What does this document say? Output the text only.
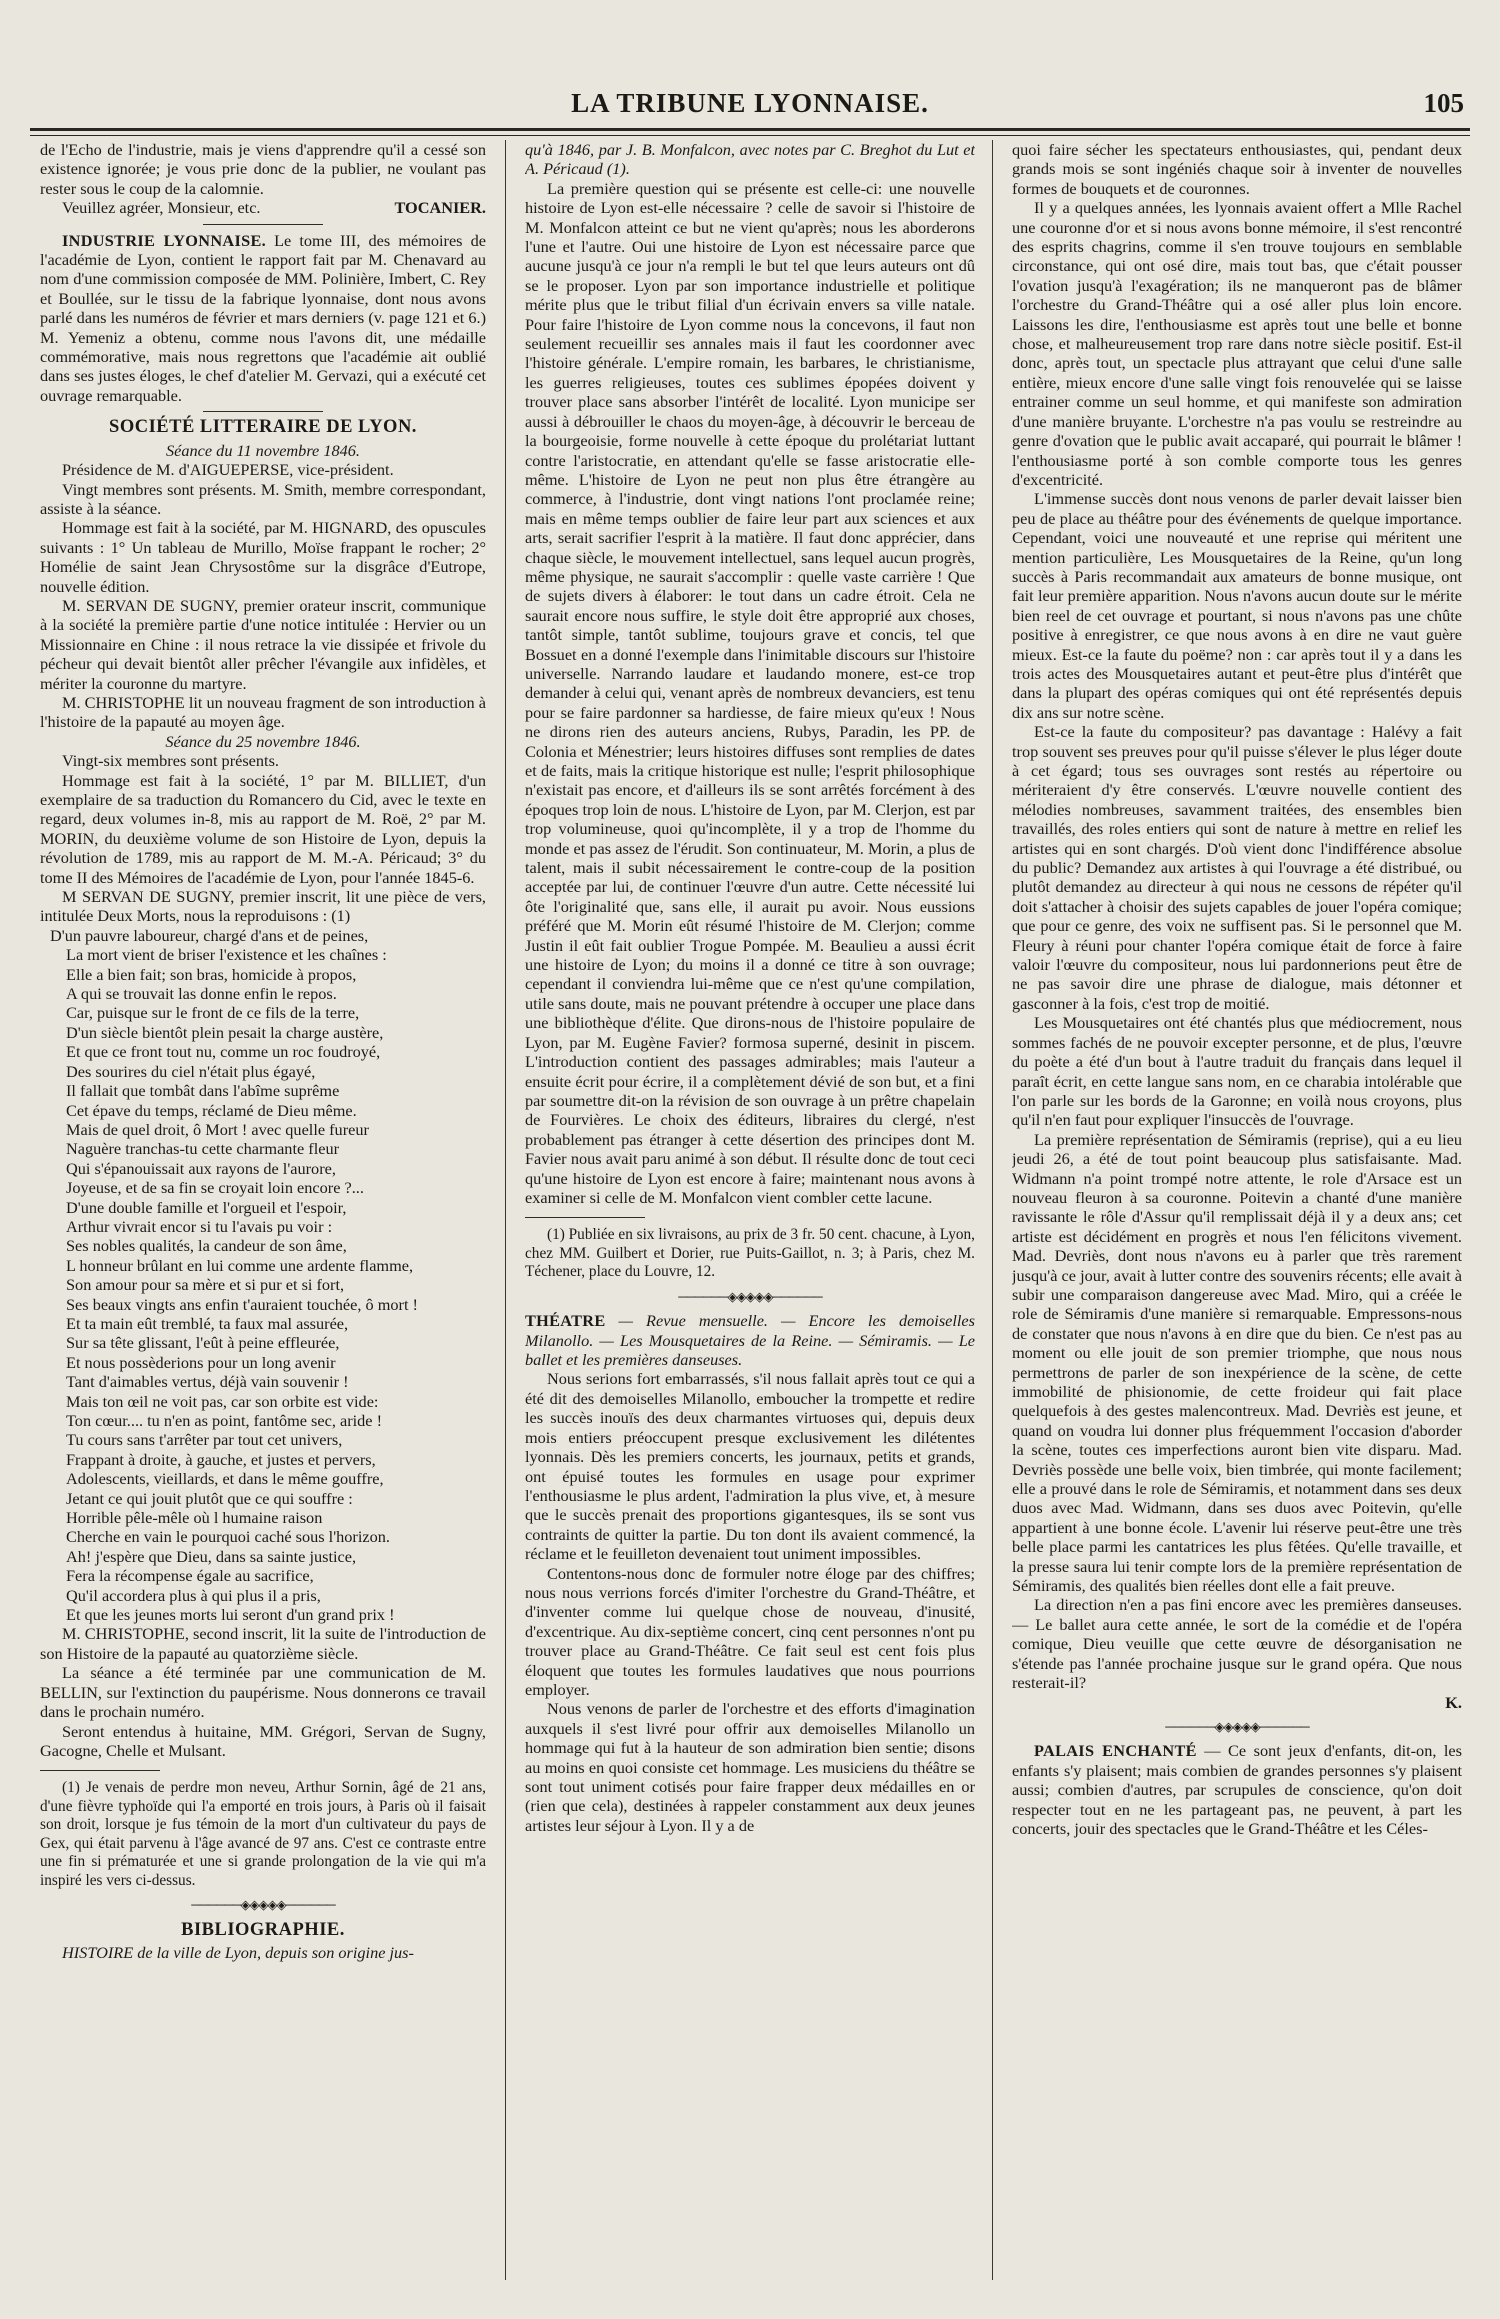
LA TRIBUNE LYONNAISE.	105

de l'Echo de l'industrie, mais je viens d'apprendre qu'il a cessé son existence ignorée; je vous prie donc de la publier, ne voulant pas rester sous le coup de la calomnie.

Veuillez agréer, Monsieur, etc.	TOCANIER.

INDUSTRIE LYONNAISE. Le tome III, des mémoires de l'académie de Lyon, contient le rapport fait par M. Chenavard au nom d'une commission composée de MM. Polinière, Imbert, C. Rey et Boullée, sur le tissu de la fabrique lyonnaise, dont nous avons parlé dans les numéros de février et mars derniers (v. page 121 et 6.) M. Yemeniz a obtenu, comme nous l'avons dit, une médaille commémorative, mais nous regrettons que l'académie ait oublié dans ses justes éloges, le chef d'atelier M. Gervazi, qui a exécuté cet ouvrage remarquable.

SOCIÉTÉ LITTERAIRE DE LYON.

Séance du 11 novembre 1846.

Présidence de M. d'AIGUEPERSE, vice-président.

Vingt membres sont présents. M. Smith, membre correspondant, assiste à la séance.

Hommage est fait à la société, par M. HIGNARD, des opuscules suivants : 1° Un tableau de Murillo, Moïse frappant le rocher; 2° Homélie de saint Jean Chrysostôme sur la disgrâce d'Eutrope, nouvelle édition.

M. SERVAN DE SUGNY, premier orateur inscrit, communique à la société la première partie d'une notice intitulée : Hervier ou un Missionnaire en Chine : il nous retrace la vie dissipée et frivole du pécheur qui devait bientôt aller prêcher l'évangile aux infidèles, et mériter la couronne du martyre.

M. CHRISTOPHE lit un nouveau fragment de son introduction à l'histoire de la papauté au moyen âge.

Séance du 25 novembre 1846.

Vingt-six membres sont présents.

Hommage est fait à la société, 1° par M. BILLIET, d'un exemplaire de sa traduction du Romancero du Cid, avec le texte en regard, deux volumes in-8, mis au rapport de M. Roë, 2° par M. MORIN, du deuxième volume de son Histoire de Lyon, depuis la révolution de 1789, mis au rapport de M. M.-A. Péricaud; 3° du tome II des Mémoires de l'académie de Lyon, pour l'année 1845-6.

M SERVAN DE SUGNY, premier inscrit, lit une pièce de vers, intitulée Deux Morts, nous la reproduisons : (1)

D'un pauvre laboureur, chargé d'ans et de peines,

La mort vient de briser l'existence et les chaînes :

Elle a bien fait; son bras, homicide à propos,

A qui se trouvait las donne enfin le repos.

Car, puisque sur le front de ce fils de la terre,

D'un siècle bientôt plein pesait la charge austère,

Et que ce front tout nu, comme un roc foudroyé,

Des sourires du ciel n'était plus égayé,

Il fallait que tombât dans l'abîme suprême

Cet épave du temps, réclamé de Dieu même.

Mais de quel droit, ô Mort ! avec quelle fureur

Naguère tranchas-tu cette charmante fleur

Qui s'épanouissait aux rayons de l'aurore,

Joyeuse, et de sa fin se croyait loin encore ?...

D'une double famille et l'orgueil et l'espoir,

Arthur vivrait encor si tu l'avais pu voir :

Ses nobles qualités, la candeur de son âme,

L honneur brûlant en lui comme une ardente flamme,

Son amour pour sa mère et si pur et si fort,

Ses beaux vingts ans enfin t'auraient touchée, ô mort !

Et ta main eût tremblé, ta faux mal assurée,

Sur sa tête glissant, l'eût à peine effleurée,

Et nous possèderions pour un long avenir

Tant d'aimables vertus, déjà vain souvenir !

Mais ton œil ne voit pas, car son orbite est vide:

Ton cœur.... tu n'en as point, fantôme sec, aride !

Tu cours sans t'arrêter par tout cet univers,

Frappant à droite, à gauche, et justes et pervers,

Adolescents, vieillards, et dans le même gouffre,

Jetant ce qui jouit plutôt que ce qui souffre :

Horrible pêle-mêle où l humaine raison

Cherche en vain le pourquoi caché sous l'horizon.

Ah! j'espère que Dieu, dans sa sainte justice,

Fera la récompense égale au sacrifice,

Qu'il accordera plus à qui plus il a pris,

Et que les jeunes morts lui seront d'un grand prix !

M. CHRISTOPHE, second inscrit, lit la suite de l'introduction de son Histoire de la papauté au quatorzième siècle.

La séance a été terminée par une communication de M. BELLIN, sur l'extinction du paupérisme. Nous donnerons ce travail dans le prochain numéro.

Seront entendus à huitaine, MM. Grégori, Servan de Sugny, Gacogne, Chelle et Mulsant.

(1) Je venais de perdre mon neveu, Arthur Sornin, âgé de 21 ans, d'une fièvre typhoïde qui l'a emporté en trois jours, à Paris où il faisait son droit, lorsque je fus témoin de la mort d'un cultivateur du pays de Gex, qui était parvenu à l'âge avancé de 97 ans. C'est ce contraste entre une fin si prématurée et une si grande prolongation de la vie qui m'a inspiré les vers ci-dessus.

──────◈◈◈◈◈──────
BIBLIOGRAPHIE.

HISTOIRE de la ville de Lyon, depuis son origine jus-

qu'à 1846, par J. B. Monfalcon, avec notes par C. Breghot du Lut et A. Péricaud (1).

La première question qui se présente est celle-ci: une nouvelle histoire de Lyon est-elle nécessaire ? celle de savoir si l'histoire de M. Monfalcon atteint ce but ne vient qu'après; nous les aborderons l'une et l'autre. Oui une histoire de Lyon est nécessaire parce que aucune jusqu'à ce jour n'a rempli le but tel que leurs auteurs ont dû se le proposer. Lyon par son importance industrielle et politique mérite plus que le tribut filial d'un écrivain envers sa ville natale. Pour faire l'histoire de Lyon comme nous la concevons, il faut non seulement recueillir ses annales mais il faut les coordonner avec l'histoire générale. L'empire romain, les barbares, le christianisme, les guerres religieuses, toutes ces sublimes épopées doivent y trouver place sans absorber l'intérêt de localité. Lyon municipe ser aussi à débrouiller le chaos du moyen-âge, à découvrir le berceau de la bourgeoisie, forme nouvelle à cette époque du prolétariat luttant contre l'aristocratie, en attendant qu'elle se fasse aristocratie elle-même. L'histoire de Lyon ne peut non plus être étrangère au commerce, à l'industrie, dont vingt nations l'ont proclamée reine; mais en même temps oublier de faire leur part aux sciences et aux arts, serait sacrifier l'esprit à la matière. Il faut donc apprécier, dans chaque siècle, le mouvement intellectuel, sans lequel aucun progrès, même physique, ne saurait s'accomplir : quelle vaste carrière ! Que de sujets divers à élaborer: le tout dans un cadre étroit. Cela ne saurait encore nous suffire, le style doit être approprié aux choses, tantôt simple, tantôt sublime, toujours grave et concis, tel que Bossuet en a donné l'exemple dans l'inimitable discours sur l'histoire universelle. Narrando laudare et laudando monere, est-ce trop demander à celui qui, venant après de nombreux devanciers, est tenu pour se faire pardonner sa hardiesse, de faire mieux qu'eux ! Nous ne dirons rien des auteurs anciens, Rubys, Paradin, les PP. de Colonia et Ménestrier; leurs histoires diffuses sont remplies de dates et de faits, mais la critique historique est nulle; l'esprit philosophique n'existait pas encore, et d'ailleurs ils se sont arrêtés forcément à des époques trop loin de nous. L'histoire de Lyon, par M. Clerjon, est par trop volumineuse, quoi qu'incomplète, il y a trop de l'homme du monde et pas assez de l'érudit. Son continuateur, M. Morin, a plus de talent, mais il subit nécessairement le contre-coup de la position acceptée par lui, de continuer l'œuvre d'un autre. Cette nécessité lui ôte l'originalité que, sans elle, il aurait pu avoir. Nous eussions préféré que M. Morin eût résumé l'histoire de M. Clerjon; comme Justin il eût fait oublier Trogue Pompée. M. Beaulieu a aussi écrit une histoire de Lyon; du moins il a donné ce titre à son ouvrage; cependant il conviendra lui-même que ce n'est qu'une compilation, utile sans doute, mais ne pouvant prétendre à occuper une place dans une bibliothèque d'élite. Que dirons-nous de l'histoire populaire de Lyon, par M. Eugène Favier? formosa superné, desinit in piscem. L'introduction contient des passages admirables; mais l'auteur a ensuite écrit pour écrire, il a complètement dévié de son but, et a fini par soumettre dit-on la révision de son ouvrage à un prêtre chapelain de Fourvières. Le choix des éditeurs, libraires du clergé, n'est probablement pas étranger à cette désertion des principes dont M. Favier nous avait paru animé à son début. Il résulte donc de tout ceci qu'une histoire de Lyon est encore à faire; maintenant nous avons à examiner si celle de M. Monfalcon vient combler cette lacune.

(1) Publiée en six livraisons, au prix de 3 fr. 50 cent. chacune, à Lyon, chez MM. Guilbert et Dorier, rue Puits-Gaillot, n. 3; à Paris, chez M. Téchener, place du Louvre, 12.

──────◈◈◈◈◈──────

THÉATRE — Revue mensuelle. — Encore les demoiselles Milanollo. — Les Mousquetaires de la Reine. — Sémiramis. — Le ballet et les premières danseuses.

Nous serions fort embarrassés, s'il nous fallait après tout ce qui a été dit des demoiselles Milanollo, emboucher la trompette et redire les succès inouïs des deux charmantes virtuoses qui, depuis deux mois entiers préoccupent presque exclusivement les dilétentes lyonnais. Dès les premiers concerts, les journaux, petits et grands, ont épuisé toutes les formules en usage pour exprimer l'enthousiasme le plus ardent, l'admiration la plus vive, et, à mesure que le succès prenait des proportions gigantesques, ils se sont vus contraints de quitter la partie. Du ton dont ils avaient commencé, la réclame et le feuilleton devenaient tout uniment impossibles.

Contentons-nous donc de formuler notre éloge par des chiffres; nous nous verrions forcés d'imiter l'orchestre du Grand-Théâtre, et d'inventer comme lui quelque chose de nouveau, d'inusité, d'excentrique. Au dix-septième concert, cinq cent personnes n'ont pu trouver place au Grand-Théâtre. Ce fait seul est cent fois plus éloquent que toutes les formules laudatives que nous pourrions employer.

Nous venons de parler de l'orchestre et des efforts d'imagination auxquels il s'est livré pour offrir aux demoiselles Milanollo un hommage qui fut à la hauteur de son admiration bien sentie; disons au moins en quoi consiste cet hommage. Les musiciens du théâtre se sont tout uniment cotisés pour faire frapper deux médailles en or (rien que cela), destinées à rappeler constamment aux deux jeunes artistes leur séjour à Lyon. Il y a de

quoi faire sécher les spectateurs enthousiastes, qui, pendant deux grands mois se sont ingéniés chaque soir à inventer de nouvelles formes de bouquets et de couronnes.

Il y a quelques années, les lyonnais avaient offert a Mlle Rachel une couronne d'or et si nous avons bonne mémoire, il s'est rencontré des esprits chagrins, comme il s'en trouve toujours en semblable circonstance, qui ont osé dire, mais tout bas, que c'était pousser l'ovation jusqu'à l'exagération; ils ne manqueront pas de blâmer l'orchestre du Grand-Théâtre qui a osé aller plus loin encore. Laissons les dire, l'enthousiasme est après tout une belle et bonne chose, et malheureusement trop rare dans notre siècle positif. Est-il donc, après tout, un spectacle plus attrayant que celui d'une salle entière, mieux encore d'une salle vingt fois renouvelée qui se laisse entrainer comme un seul homme, et qui manifeste son admiration d'une manière bruyante. L'orchestre n'a pas voulu se restreindre au genre d'ovation que le public avait accaparé, qui pourrait le blâmer ! l'enthousiasme porté à son comble comporte tous les genres d'excentricité.

L'immense succès dont nous venons de parler devait laisser bien peu de place au théâtre pour des événements de quelque importance. Cependant, voici une nouveauté et une reprise qui méritent une mention particulière, Les Mousquetaires de la Reine, qu'un long succès à Paris recommandait aux amateurs de bonne musique, ont fait leur première apparition. Nous n'avons aucun doute sur le mérite bien reel de cet ouvrage et pourtant, si nous n'avons pas une chûte positive à enregistrer, ce que nous avons à en dire ne vaut guère mieux. Est-ce la faute du poëme? non : car après tout il y a dans les trois actes des Mousquetaires autant et peut-être plus d'intérêt que dans la plupart des opéras comiques qui ont été représentés depuis dix ans sur notre scène.

Est-ce la faute du compositeur? pas davantage : Halévy a fait trop souvent ses preuves pour qu'il puisse s'élever le plus léger doute à cet égard; tous ses ouvrages sont restés au répertoire ou mériteraient d'y être conservés. L'œuvre nouvelle contient des mélodies nombreuses, savamment traitées, des ensembles bien travaillés, des roles entiers qui sont de nature à mettre en relief les artistes qui en sont chargés. D'où vient donc l'indifférence absolue du public? Demandez aux artistes à qui l'ouvrage a été distribué, ou plutôt demandez au directeur à qui nous ne cessons de répéter qu'il doit s'attacher à choisir des sujets capables de jouer l'opéra comique; que pour ce genre, des voix ne suffisent pas. Si le personnel que M. Fleury à réuni pour chanter l'opéra comique était de force à faire valoir l'œuvre du compositeur, nous lui pardonnerions peut être de ne pas savoir dire une phrase de dialogue, mais détonner et gasconner à la fois, c'est trop de moitié.

Les Mousquetaires ont été chantés plus que médiocrement, nous sommes fachés de ne pouvoir excepter personne, et de plus, l'œuvre du poète a été d'un bout à l'autre traduit du français dans lequel il paraît écrit, en cette langue sans nom, en ce charabia intolérable que l'on parle sur les bords de la Garonne; en voilà nous croyons, plus qu'il n'en faut pour expliquer l'insuccès de l'ouvrage.

La première représentation de Sémiramis (reprise), qui a eu lieu jeudi 26, a été de tout point beaucoup plus satisfaisante. Mad. Widmann n'a point trompé notre attente, le role d'Arsace est un nouveau fleuron à sa couronne. Poitevin a chanté d'une manière ravissante le rôle d'Assur qu'il remplissait déjà il y a deux ans; cet artiste est décidément en progrès et nous l'en félicitons vivement. Mad. Devriès, dont nous n'avons eu à parler que très rarement jusqu'à ce jour, avait à lutter contre des souvenirs récents; elle avait à subir une comparaison dangereuse avec Mad. Miro, qui a créée le role de Sémiramis d'une manière si remarquable. Empressons-nous de constater que nous n'avons à en dire que du bien. Ce n'est pas au moment ou elle jouit de son premier triomphe, que nous nous permettrons de parler de son inexpérience de la scène, de cette immobilité de phisionomie, de cette froideur qui fait place quelquefois à des gestes malencontreux. Mad. Devriès est jeune, et quand on voudra lui donner plus fréquemment l'occasion d'aborder la scène, toutes ces imperfections auront bien vite disparu. Mad. Devriès possède une belle voix, bien timbrée, qui monte facilement; elle a prouvé dans le role de Sémiramis, et notamment dans ses deux duos avec Mad. Widmann, dans ses duos avec Poitevin, qu'elle appartient à une bonne école. L'avenir lui réserve peut-être une très belle place parmi les cantatrices les plus fêtées. Qu'elle travaille, et la presse saura lui tenir compte lors de la première représentation de Sémiramis, des qualités bien réelles dont elle a fait preuve.

La direction n'en a pas fini encore avec les premières danseuses. — Le ballet aura cette année, le sort de la comédie et de l'opéra comique, Dieu veuille que cette œuvre de désorganisation ne s'étende pas l'année prochaine jusque sur le grand opéra. Que nous resterait-il?

K.

──────◈◈◈◈◈──────

PALAIS ENCHANTÉ — Ce sont jeux d'enfants, dit-on, les enfants s'y plaisent; mais combien de grandes personnes s'y plaisent aussi; combien d'autres, par scrupules de conscience, qu'on doit respecter tout en ne les partageant pas, ne peuvent, à part les concerts, jouir des spectacles que le Grand-Théâtre et les Céles-
